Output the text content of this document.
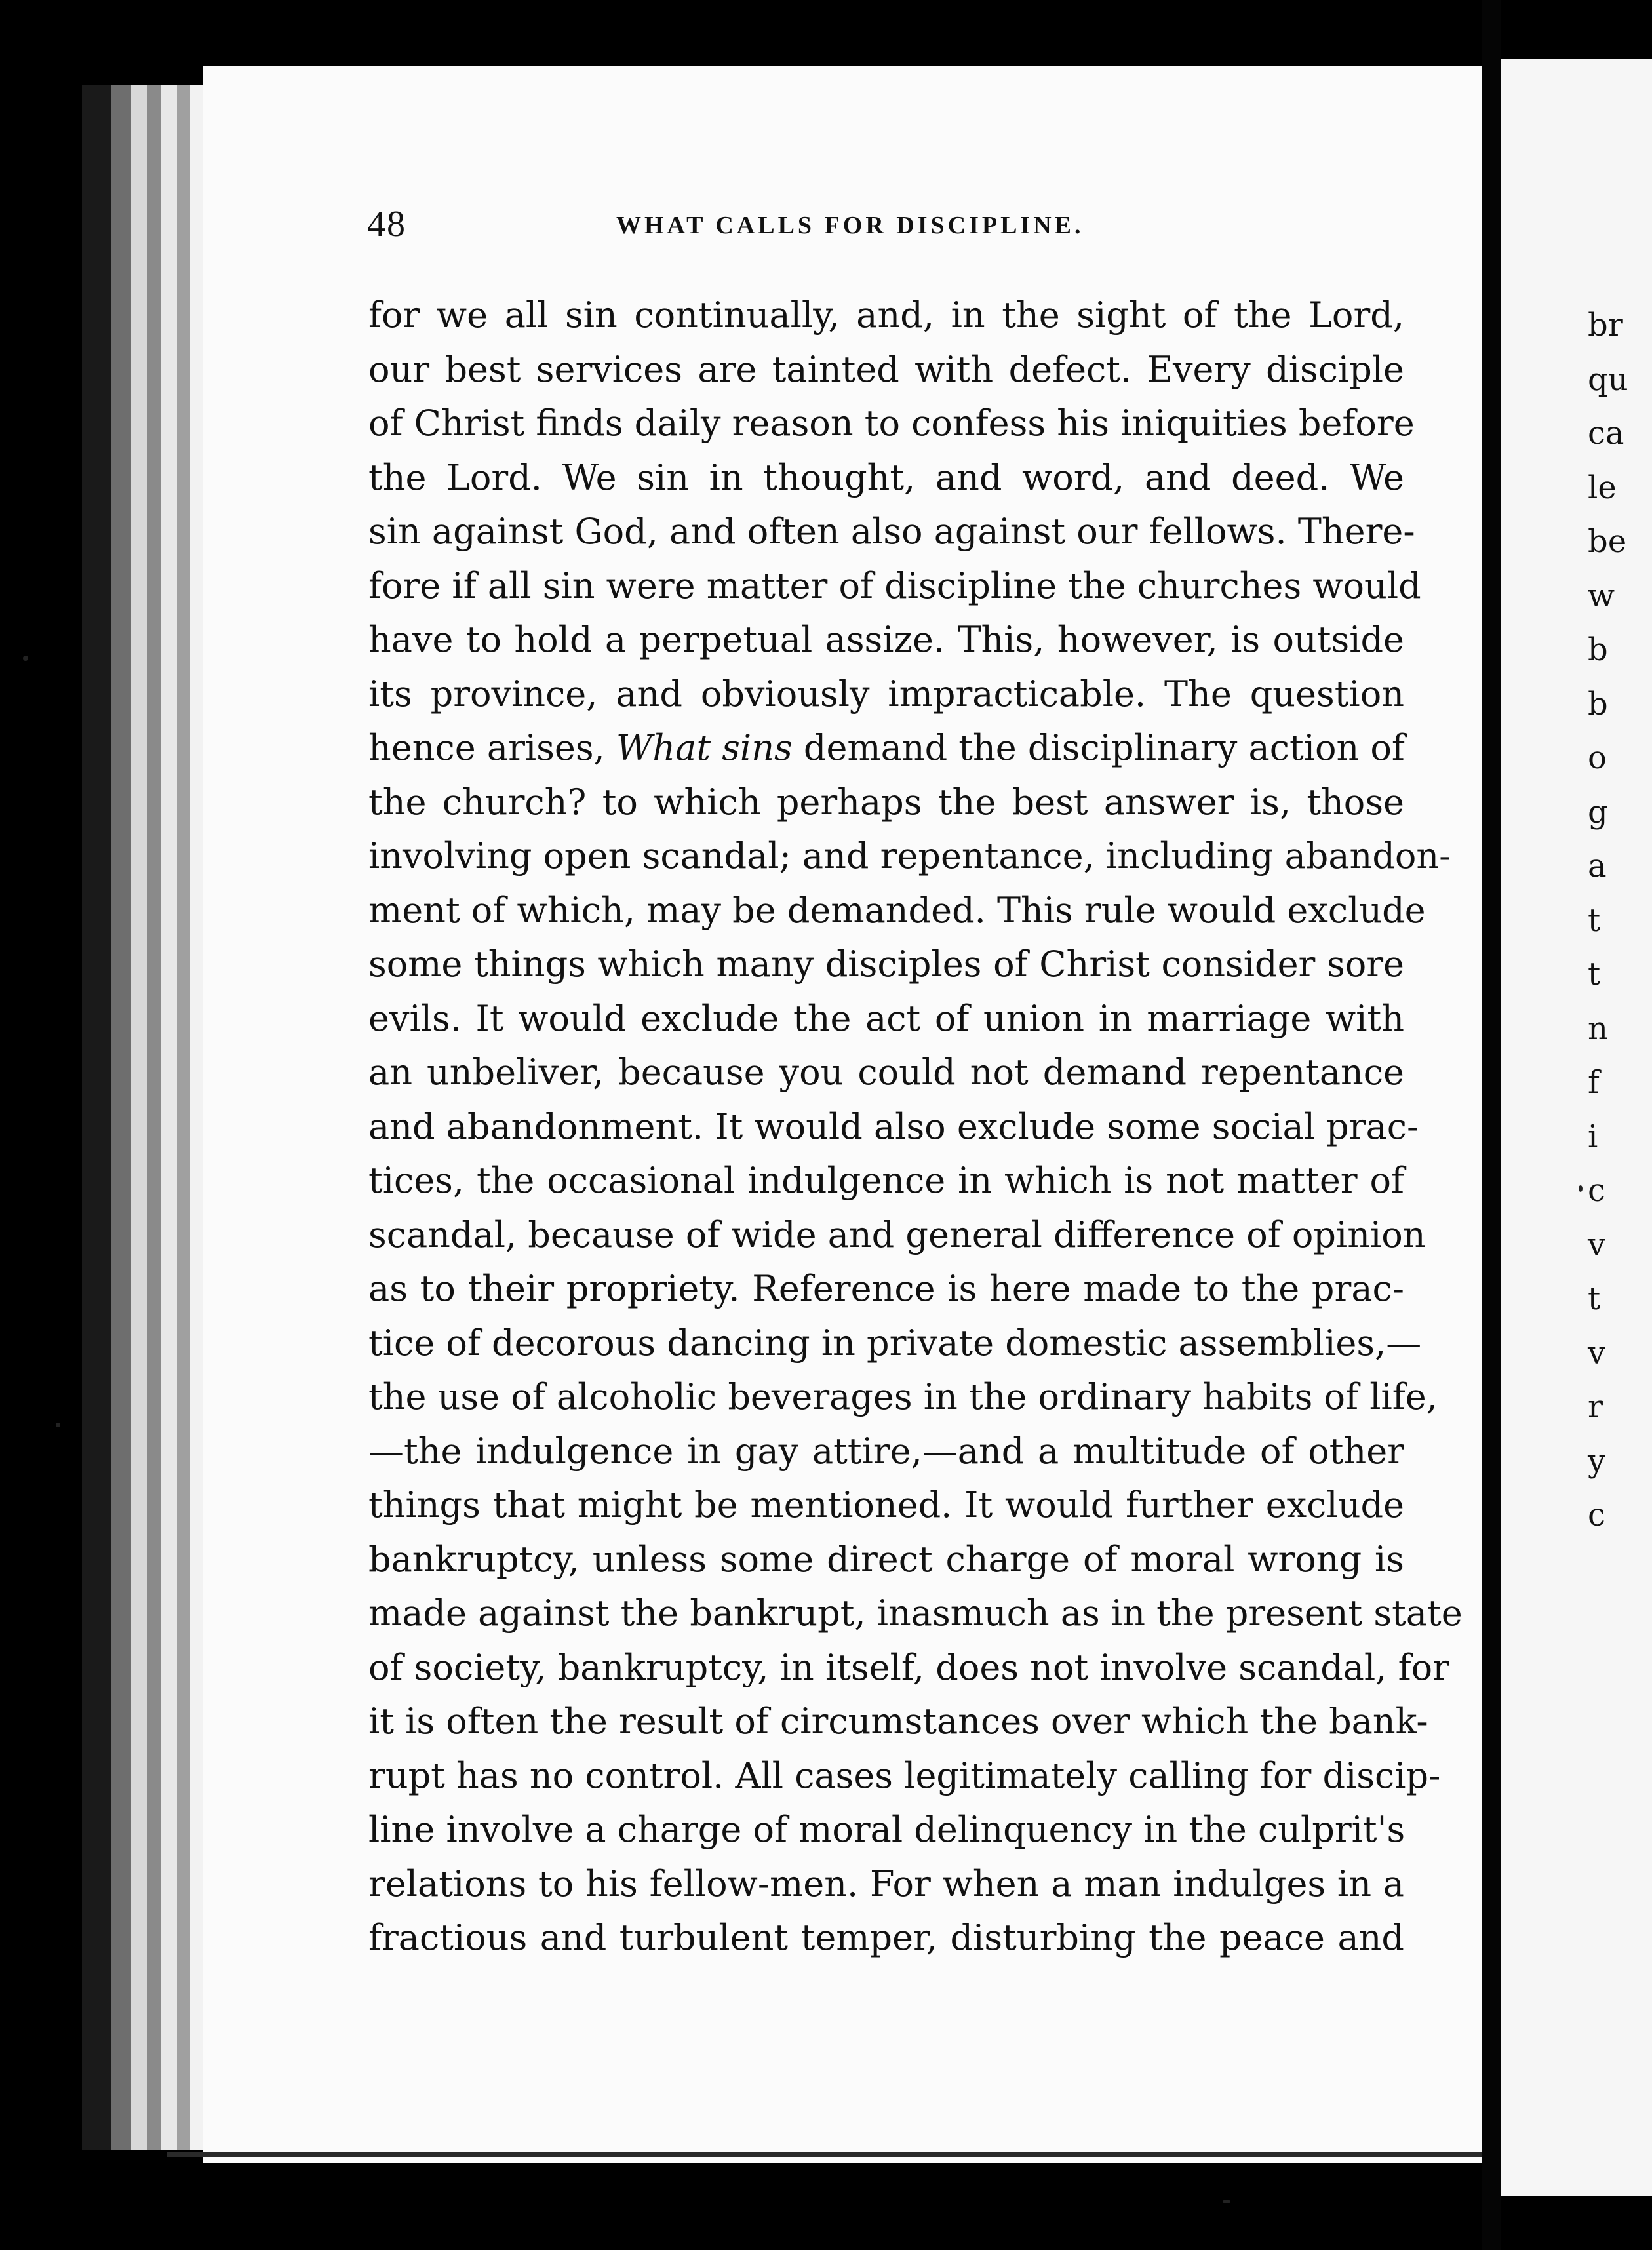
br
qu
ca
le
be
w
b
b
o
g
a
t
t
n
f
i
c
v
t
v
r
y
c
48	WHAT CALLS FOR DISCIPLINE.
for we all sin continually, and, in the sight of the Lord,
our best services are tainted with defect. Every disciple
of Christ finds daily reason to confess his iniquities before
the Lord. We sin in thought, and word, and deed. We
sin against God, and often also against our fellows. There-
fore if all sin were matter of discipline the churches would
have to hold a perpetual assize. This, however, is outside
its province, and obviously impracticable. The question
hence arises, What sins demand the disciplinary action of
the church? to which perhaps the best answer is, those
involving open scandal; and repentance, including abandon-
ment of which, may be demanded. This rule would exclude
some things which many disciples of Christ consider sore
evils. It would exclude the act of union in marriage with
an unbeliver, because you could not demand repentance
and abandonment. It would also exclude some social prac-
tices, the occasional indulgence in which is not matter of
scandal, because of wide and general difference of opinion
as to their propriety. Reference is here made to the prac-
tice of decorous dancing in private domestic assemblies,—
the use of alcoholic beverages in the ordinary habits of life,
—the indulgence in gay attire,—and a multitude of other
things that might be mentioned. It would further exclude
bankruptcy, unless some direct charge of moral wrong is
made against the bankrupt, inasmuch as in the present state
of society, bankruptcy, in itself, does not involve scandal, for
it is often the result of circumstances over which the bank-
rupt has no control. All cases legitimately calling for discip-
line involve a charge of moral delinquency in the culprit's
relations to his fellow-men. For when a man indulges in a
fractious and turbulent temper, disturbing the peace and
